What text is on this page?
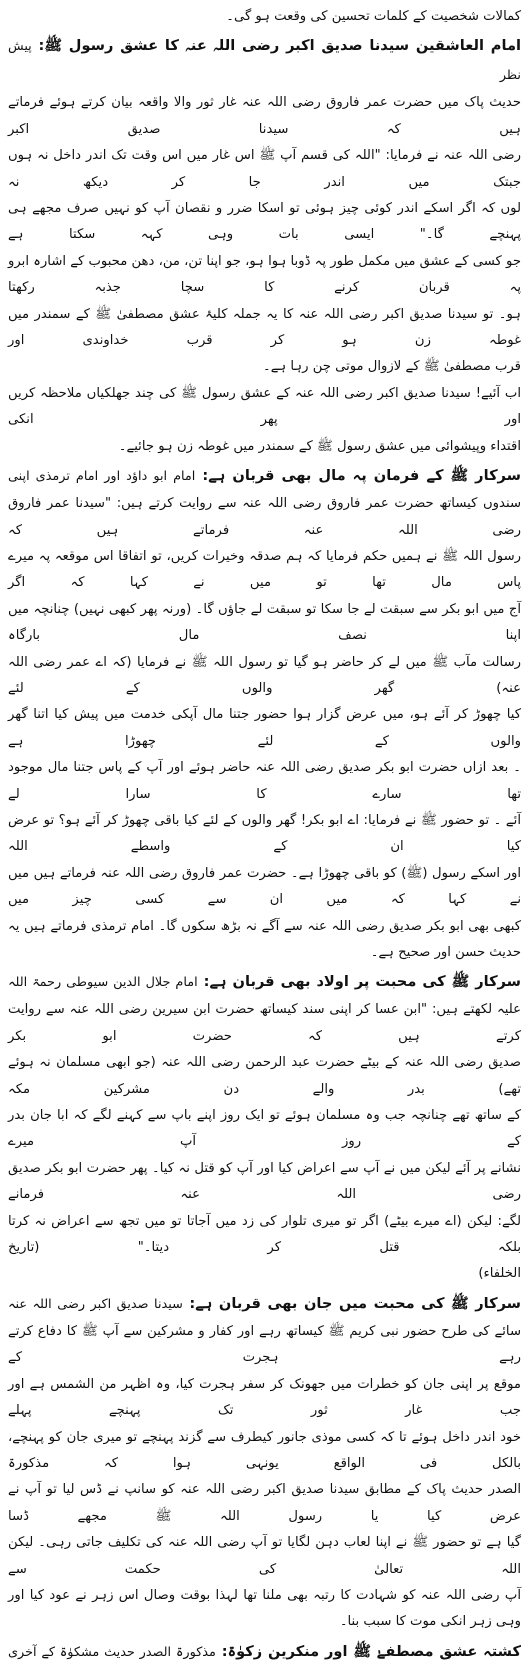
کمالات شخصیت کے کلمات تحسین کی وقعت ہو گی۔
امام العاشقین سیدنا صدیق اکبر رضی اللہ عنہ کا عشق رسول ﷺ: پیش نظر
حدیث پاک میں حضرت عمر فاروق رضی اللہ عنہ غار ثور والا واقعہ بیان کرتے ہوئے فرماتے ہیں کہ سیدنا صدیق اکبر
رضی اللہ عنہ نے فرمایا: "اللہ کی قسم آپ ﷺ اس غار میں اس وقت تک اندر داخل نہ ہوں جبتک میں اندر جا کر دیکھ نہ
لوں کہ اگر اسکے اندر کوئی چیز ہوئی تو اسکا ضرر و نقصان آپ کو نہیں صرف مجھے ہی پہنچے گا۔" ایسی بات وہی کہہ سکتا ہے
جو کسی کے عشق میں مکمل طور پہ ڈوبا ہوا ہو، جو اپنا تن، من، دھن محبوب کے اشارہ ابرو پہ قربان کرنے کا سچا جذبہ رکھتا
ہو۔ تو سیدنا صدیق اکبر رضی اللہ عنہ کا یہ جملہ کلیۂ عشق مصطفیٰ ﷺ کے سمندر میں غوطہ زن ہو کر قرب خداوندی اور
قرب مصطفیٰ ﷺ کے لازوال موتی چن رہا ہے۔
اب آئیے! سیدنا صدیق اکبر رضی اللہ عنہ کے عشق رسول ﷺ کی چند جھلکیاں ملاحظہ کریں اور پھر انکی
اقتداء وپیشوائی میں عشق رسول ﷺ کے سمندر میں غوطہ زن ہو جائیے۔
سرکار ﷺ کے فرمان پہ مال بھی قربان ہے: امام ابو داؤد اور امام ترمذی اپنی
سندوں کیساتھ حضرت عمر فاروق رضی اللہ عنہ سے روایت کرتے ہیں: "سیدنا عمر فاروق رضی اللہ عنہ فرماتے ہیں کہ
رسول اللہ ﷺ نے ہمیں حکم فرمایا کہ ہم صدقہ وخیرات کریں، تو اتفاقا اس موقعہ پہ میرے پاس مال تھا تو میں نے کہا کہ اگر
آج میں ابو بکر سے سبقت لے جا سکا تو سبقت لے جاؤں گا۔ (ورنہ پھر کبھی نہیں) چنانچہ میں اپنا نصف مال بارگاہ
رسالت مآب ﷺ میں لے کر حاضر ہو گیا تو رسول اللہ ﷺ نے فرمایا (کہ اے عمر رضی اللہ عنہ) گھر والوں کے لئے
کیا چھوڑ کر آئے ہو، میں عرض گزار ہوا حضور جتنا مال آپکی خدمت میں پیش کیا اتنا گھر والوں کے لئے چھوڑا ہے
۔ بعد ازاں حضرت ابو بکر صدیق رضی اللہ عنہ حاضر ہوئے اور آپ کے پاس جتنا مال موجود تھا سارے کا سارا لے
آئے ۔ تو حضور ﷺ نے فرمایا: اے ابو بکر! گھر والوں کے لئے کیا باقی چھوڑ کر آئے ہو؟ تو عرض کیا ان کے واسطے اللہ
اور اسکے رسول (ﷺ) کو باقی چھوڑا ہے۔ حضرت عمر فاروق رضی اللہ عنہ فرماتے ہیں میں نے کہا کہ میں ان سے کسی چیز میں
کبھی بھی ابو بکر صدیق رضی اللہ عنہ سے آگے نہ بڑھ سکوں گا۔ امام ترمذی فرماتے ہیں یہ حدیث حسن اور صحیح ہے۔
سرکار ﷺ کی محبت پر اولاد بھی قربان ہے: امام جلال الدین سیوطی رحمۃ اللہ
علیہ لکھتے ہیں: "ابن عسا کر اپنی سند کیساتھ حضرت ابن سیرین رضی اللہ عنہ سے روایت کرتے ہیں کہ حضرت ابو بکر
صدیق رضی اللہ عنہ کے بیٹے حضرت عبد الرحمن رضی اللہ عنہ (جو ابھی مسلمان نہ ہوئے تھے) بدر والے دن مشرکین مکہ
کے ساتھ تھے چنانچہ جب وہ مسلمان ہوئے تو ایک روز اپنے باپ سے کہنے لگے کہ ابا جان بدر کے روز آپ میرے
نشانے پر آئے لیکن میں نے آپ سے اعراض کیا اور آپ کو قتل نہ کیا۔ پھر حضرت ابو بکر صدیق رضی اللہ عنہ فرمانے
لگے: لیکن (اے میرے بیٹے) اگر تو میری تلوار کی زد میں آجاتا تو میں تجھ سے اعراض نہ کرتا بلکہ قتل کر دیتا۔" (تاریخ
الخلفاء)
سرکار ﷺ کی محبت میں جان بھی قربان ہے: سیدنا صدیق اکبر رضی اللہ عنہ
سائے کی طرح حضور نبی کریم ﷺ کیساتھ رہے اور کفار و مشرکین سے آپ ﷺ کا دفاع کرتے رہے ہجرت کے
موقع پر اپنی جان کو خطرات میں جھونک کر سفر ہجرت کیا، وہ اظہر من الشمس ہے اور جب غار ثور تک پہنچے پہلے
خود اندر داخل ہوئے تا کہ کسی موذی جانور کیطرف سے گزند پہنچے تو میری جان کو پہنچے، بالکل فی الواقع یونہی ہوا کہ مذکورۃ
الصدر حدیث پاک کے مطابق سیدنا صدیق اکبر رضی اللہ عنہ کو سانپ نے ڈس لیا تو آپ نے عرض کیا یا رسول اللہ ﷺ مجھے ڈسا
گیا ہے تو حضور ﷺ نے اپنا لعاب دہن لگایا تو آپ رضی اللہ عنہ کی تکلیف جاتی رہی۔ لیکن اللہ تعالیٰ کی حکمت سے
آپ رضی اللہ عنہ کو شہادت کا رتبہ بھی ملنا تھا لہذا بوقت وصال اس زہر نے عود کیا اور وہی زہر انکی موت کا سبب بنا۔
کشتہ عشق مصطفےٰ ﷺ اور منکرین زکوٰۃ: مذکورۃ الصدر حدیث مشکوٰۃ کے آخری
